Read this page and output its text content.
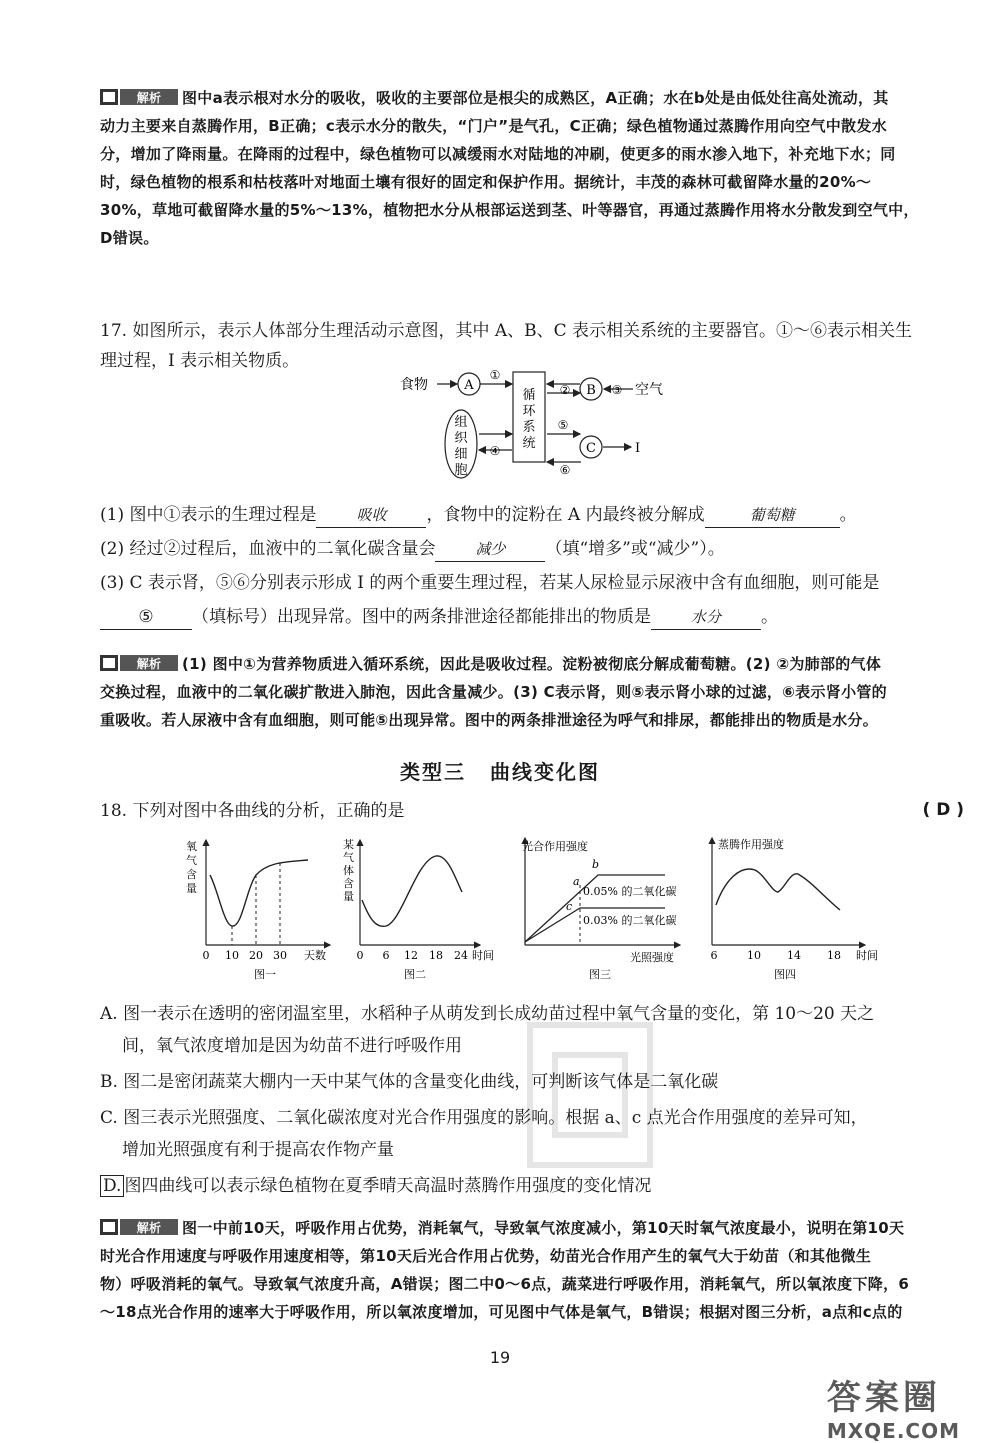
解析 图中a表示根对水分的吸收，吸收的主要部位是根尖的成熟区，A正确；水在b处是由低处往高处流动，其

动力主要来自蒸腾作用，B正确；c表示水分的散失，“门户”是气孔，C正确；绿色植物通过蒸腾作用向空气中散发水

分，增加了降雨量。在降雨的过程中，绿色植物可以减缓雨水对陆地的冲刷，使更多的雨水渗入地下，补充地下水；同

时，绿色植物的根系和枯枝落叶对地面土壤有很好的固定和保护作用。据统计，丰茂的森林可截留降水量的20%～

30%，草地可截留降水量的5%～13%，植物把水分从根部运送到茎、叶等器官，再通过蒸腾作用将水分散发到空气中，

D错误。

17. 如图所示，表示人体部分生理活动示意图，其中 A、B、C 表示相关系统的主要器官。①～⑥表示相关生

理过程，I 表示相关物质。

食物	A
①
循
环
系
统
② B ③ 空气
组
织
细
胞
④
⑤
C	I
⑥

(1) 图中①表示的生理过程是	吸收 ，食物中的淀粉在 A 内最终被分解成	葡萄糖	。

(2) 经过②过程后，血液中的二氧化碳含量会	减少 （填“增多”或“减少”）。

(3) C 表示肾，⑤⑥分别表示形成 I 的两个重要生理过程，若某人尿检显示尿液中含有血细胞，则可能是

⑤ （填标号）出现异常。图中的两条排泄途径都能排出的物质是	水分 。

解析 (1) 图中①为营养物质进入循环系统，因此是吸收过程。淀粉被彻底分解成葡萄糖。(2) ②为肺部的气体

交换过程，血液中的二氧化碳扩散进入肺泡，因此含量减少。(3) C表示肾，则⑤表示肾小球的过滤，⑥表示肾小管的

重吸收。若人尿液中含有血细胞，则可能⑤出现异常。图中的两条排泄途径为呼气和排尿，都能排出的物质是水分。

类型三 曲线变化图

18. 下列对图中各曲线的分析，正确的是	( D )
氧
气
含
量
0 10 20 30 天数
图一
某
气
体
含
量
0 6 12 18 24 时间
图二
光合作用强度
a
b
c
0.05% 的二氧化碳
0.03% 的二氧化碳
光照强度
图三
蒸腾作用强度
6	10 14 18 时间
图四

A. 图一表示在透明的密闭温室里，水稻种子从萌发到长成幼苗过程中氧气含量的变化，第 10～20 天之

间，氧气浓度增加是因为幼苗不进行呼吸作用

B. 图二是密闭蔬菜大棚内一天中某气体的含量变化曲线，可判断该气体是二氧化碳

C. 图三表示光照强度、二氧化碳浓度对光合作用强度的影响。根据 a、c 点光合作用强度的差异可知，

增加光照强度有利于提高农作物产量

D. 图四曲线可以表示绿色植物在夏季晴天高温时蒸腾作用强度的变化情况

解析 图一中前10天，呼吸作用占优势，消耗氧气，导致氧气浓度减小，第10天时氧气浓度最小，说明在第10天

时光合作用速度与呼吸作用速度相等，第10天后光合作用占优势，幼苗光合作用产生的氧气大于幼苗（和其他微生

物）呼吸消耗的氧气。导致氧气浓度升高，A错误；图二中0～6点，蔬菜进行呼吸作用，消耗氧气，所以氧浓度下降，6

～18点光合作用的速率大于呼吸作用，所以氧浓度增加，可见图中气体是氧气，B错误；根据对图三分析，a点和c点的

19
答案圈
MXQE.COM
